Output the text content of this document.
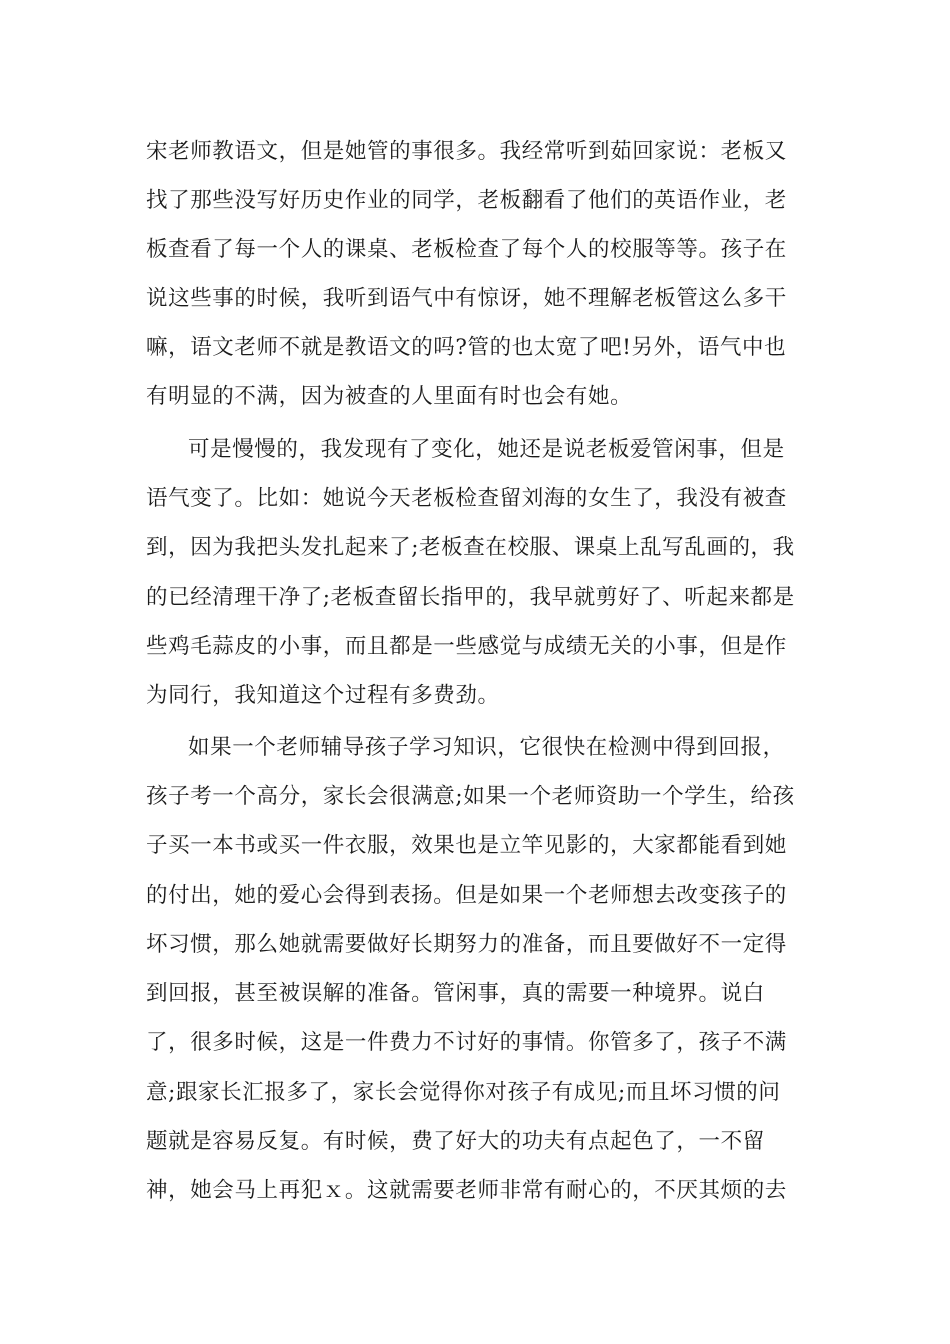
宋老师教语文，但是她管的事很多。我经常听到茹回家说：老板又
找了那些没写好历史作业的同学，老板翻看了他们的英语作业，老
板查看了每一个人的课桌、老板检查了每个人的校服等等。孩子在
说这些事的时候，我听到语气中有惊讶，她不理解老板管这么多干
嘛，语文老师不就是教语文的吗?管的也太宽了吧!另外，语气中也
有明显的不满，因为被查的人里面有时也会有她。
可是慢慢的，我发现有了变化，她还是说老板爱管闲事，但是
语气变了。比如：她说今天老板检查留刘海的女生了，我没有被查
到，因为我把头发扎起来了;老板查在校服、课桌上乱写乱画的，我
的已经清理干净了;老板查留长指甲的，我早就剪好了、听起来都是
些鸡毛蒜皮的小事，而且都是一些感觉与成绩无关的小事，但是作
为同行，我知道这个过程有多费劲。
如果一个老师辅导孩子学习知识，它很快在检测中得到回报，
孩子考一个高分，家长会很满意;如果一个老师资助一个学生，给孩
子买一本书或买一件衣服，效果也是立竿见影的，大家都能看到她
的付出，她的爱心会得到表扬。但是如果一个老师想去改变孩子的
坏习惯，那么她就需要做好长期努力的准备，而且要做好不一定得
到回报，甚至被误解的准备。管闲事，真的需要一种境界。说白
了，很多时候，这是一件费力不讨好的事情。你管多了，孩子不满
意;跟家长汇报多了，家长会觉得你对孩子有成见;而且坏习惯的问
题就是容易反复。有时候，费了好大的功夫有点起色了，一不留
神，她会马上再犯ｘ。这就需要老师非常有耐心的，不厌其烦的去
